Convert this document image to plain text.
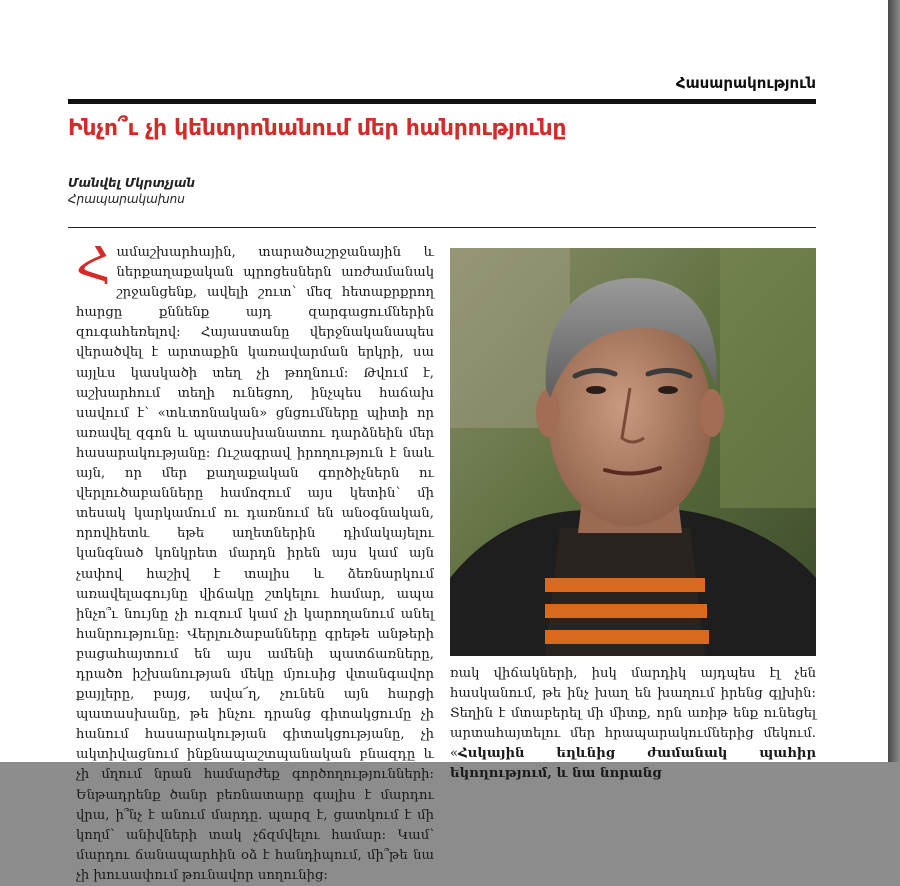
Հասարակություն
Ինչո՞ւ չի կենտրոնանում մեր հանրությունը
Մանվել Մկրտչյան
Հրապարակախոս
Համաշխարհային, տարածաշրջանային և ներքաղաքական պրոցեսներն առժամանակ շրջանցենք, ավելի շուտ՝ մեզ հետաքրքրող հարցը քննենք այդ զարգացումներին զուգահեռելով: Հայաստանը վերջնականապես վերածվել է արտաքին կառավարման երկրի, սա այլևս կասկածի տեղ չի թողնում: Թվում է, աշխարհում տեղի ունեցող, ինչպես հաճախ սավում է՝ «տևտոնական» ցնցումները պիտի որ առավել զգոն և պատասխանատու դարձնեին մեր հասարակությանը: Ուշագրավ իրողություն է նաև այն, որ մեր քաղաքական գործիչներն ու վերլուծաբանները համոզում այս կետին՝ մի տեսակ կարկամում ու դառնում են անօգնական, որովհետև եթե աղետներին դիմակայելու կանգնած կոնկրետ մարդն իրեն այս կամ այն չափով հաշիվ է տալիս և ձեռնարկում առավելագույնը վիճակը շտկելու համար, ապա ինչո՞ւ նույնը չի ուզում կամ չի կարողանում անել հանրությունը: Վերլուծաբանները գրեթե անթերի բացահայտում են այս ամենի պատճառները, դրածո իշխանության մեկը մյուսից վտանգավոր քայլերը, բայց, ավա՜ղ, չունեն այն հարցի պատասխանը, թե ինչու դրանց գիտակցումը չի հանում հասարակության գիտակցությանը, չի ակտիվացնում ինքնապաշտպանական բնազդը և չի մղում նրան համարժեք գործողությունների: Ենթադրենք ծանր բեռնատարը գալիս է մարդու վրա, ի՞նչ է անում մարդը. պարզ է, ցատկում է մի կողմ՝ անիվների տակ չճզմվելու համար: Կամ՝ մարդու ճանապարհին օձ է հանդիպում, մի՞թե նա չի խուսափում թունավոր սողունից:
ռակ վիճակների, իսկ մարդիկ այդպես էլ չեն հասկանում, թե ինչ խաղ են խաղում իրենց գլխին: Տեղին է մտաբերել մի միտք, որն առիթ ենք ունեցել արտահայտելու մեր հրապարակումներից մեկում. «Հսկային եղևնից ժամանակ պահիր եկողությում, և նա նորանց
